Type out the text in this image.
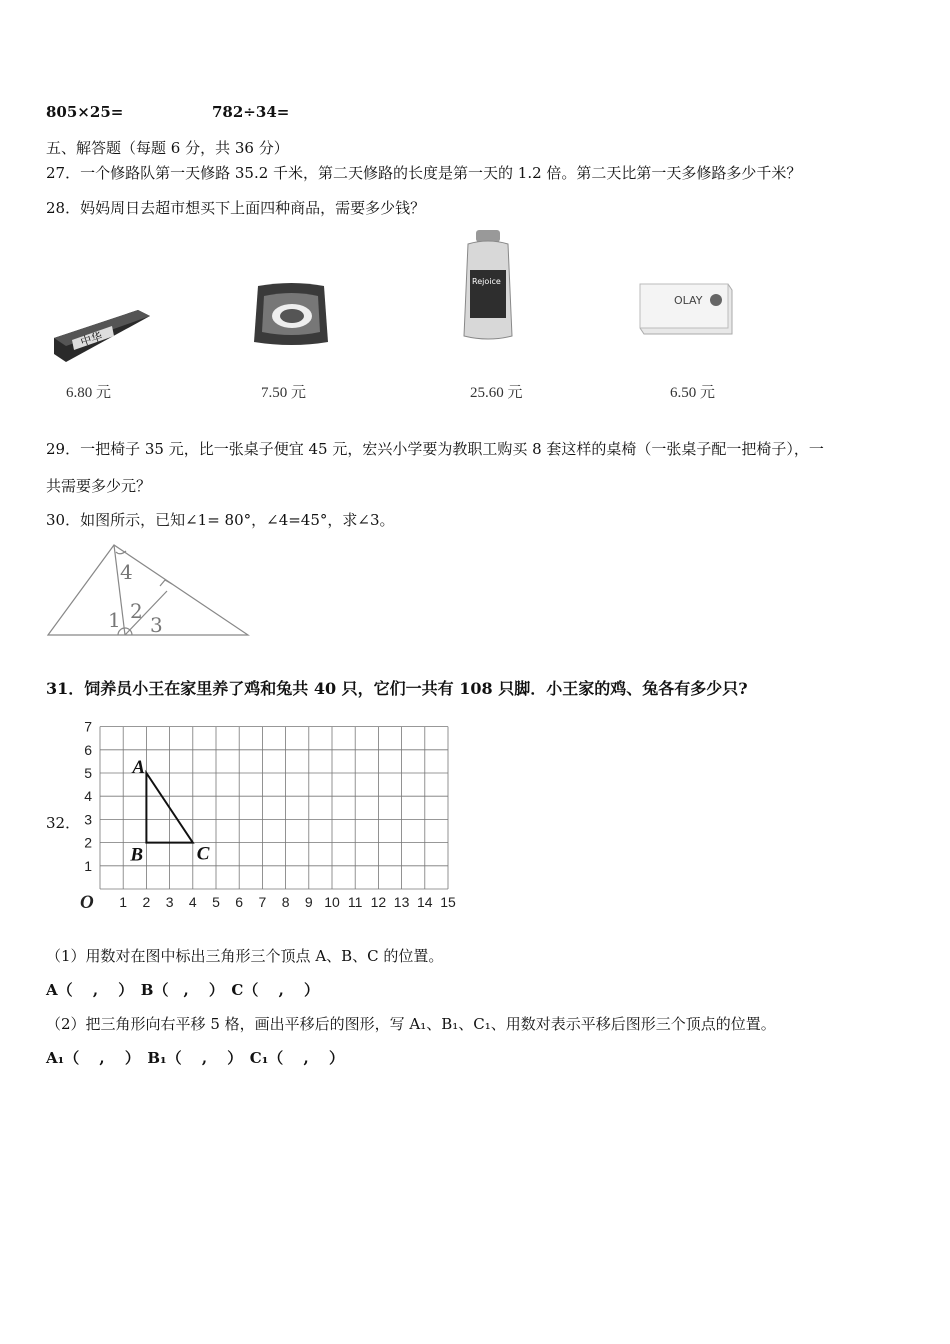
805×25=	782÷34=
五、解答题（每题 6 分，共 36 分）
27．一个修路队第一天修路 35.2 千米，第二天修路的长度是第一天的 1.2 倍。第二天比第一天多修路多少千米？
28．妈妈周日去超市想买下上面四种商品，需要多少钱？
中华
Rejoice
OLAY
6.80 元	7.50 元	25.60 元	6.50 元
29．一把椅子 35 元，比一张桌子便宜 45 元，宏兴小学要为教职工购买 8 套这样的桌椅（一张桌子配一把椅子），一
共需要多少元？
30．如图所示，已知∠1= 80°，∠4=45°，求∠3。
4
1 2
3
31．饲养员小王在家里养了鸡和兔共 40 只，它们一共有 108 只脚．小王家的鸡、兔各有多少只?
32．
1 2 3 4 5 6 7 8 9 10 11 12 13 14 15
1
2
3
4
5
6
7
O
A
B	C
（1）用数对在图中标出三角形三个顶点 A、B、C 的位置。
A（　 ,　 ）　B（　,　 ）　C（　 ,　 ）
（2）把三角形向右平移 5 格，画出平移后的图形，写 A₁、B₁、C₁、用数对表示平移后图形三个顶点的位置。
A₁（　 ,　 ）　B₁（　 ,　 ）　C₁（　 ,　 ）
